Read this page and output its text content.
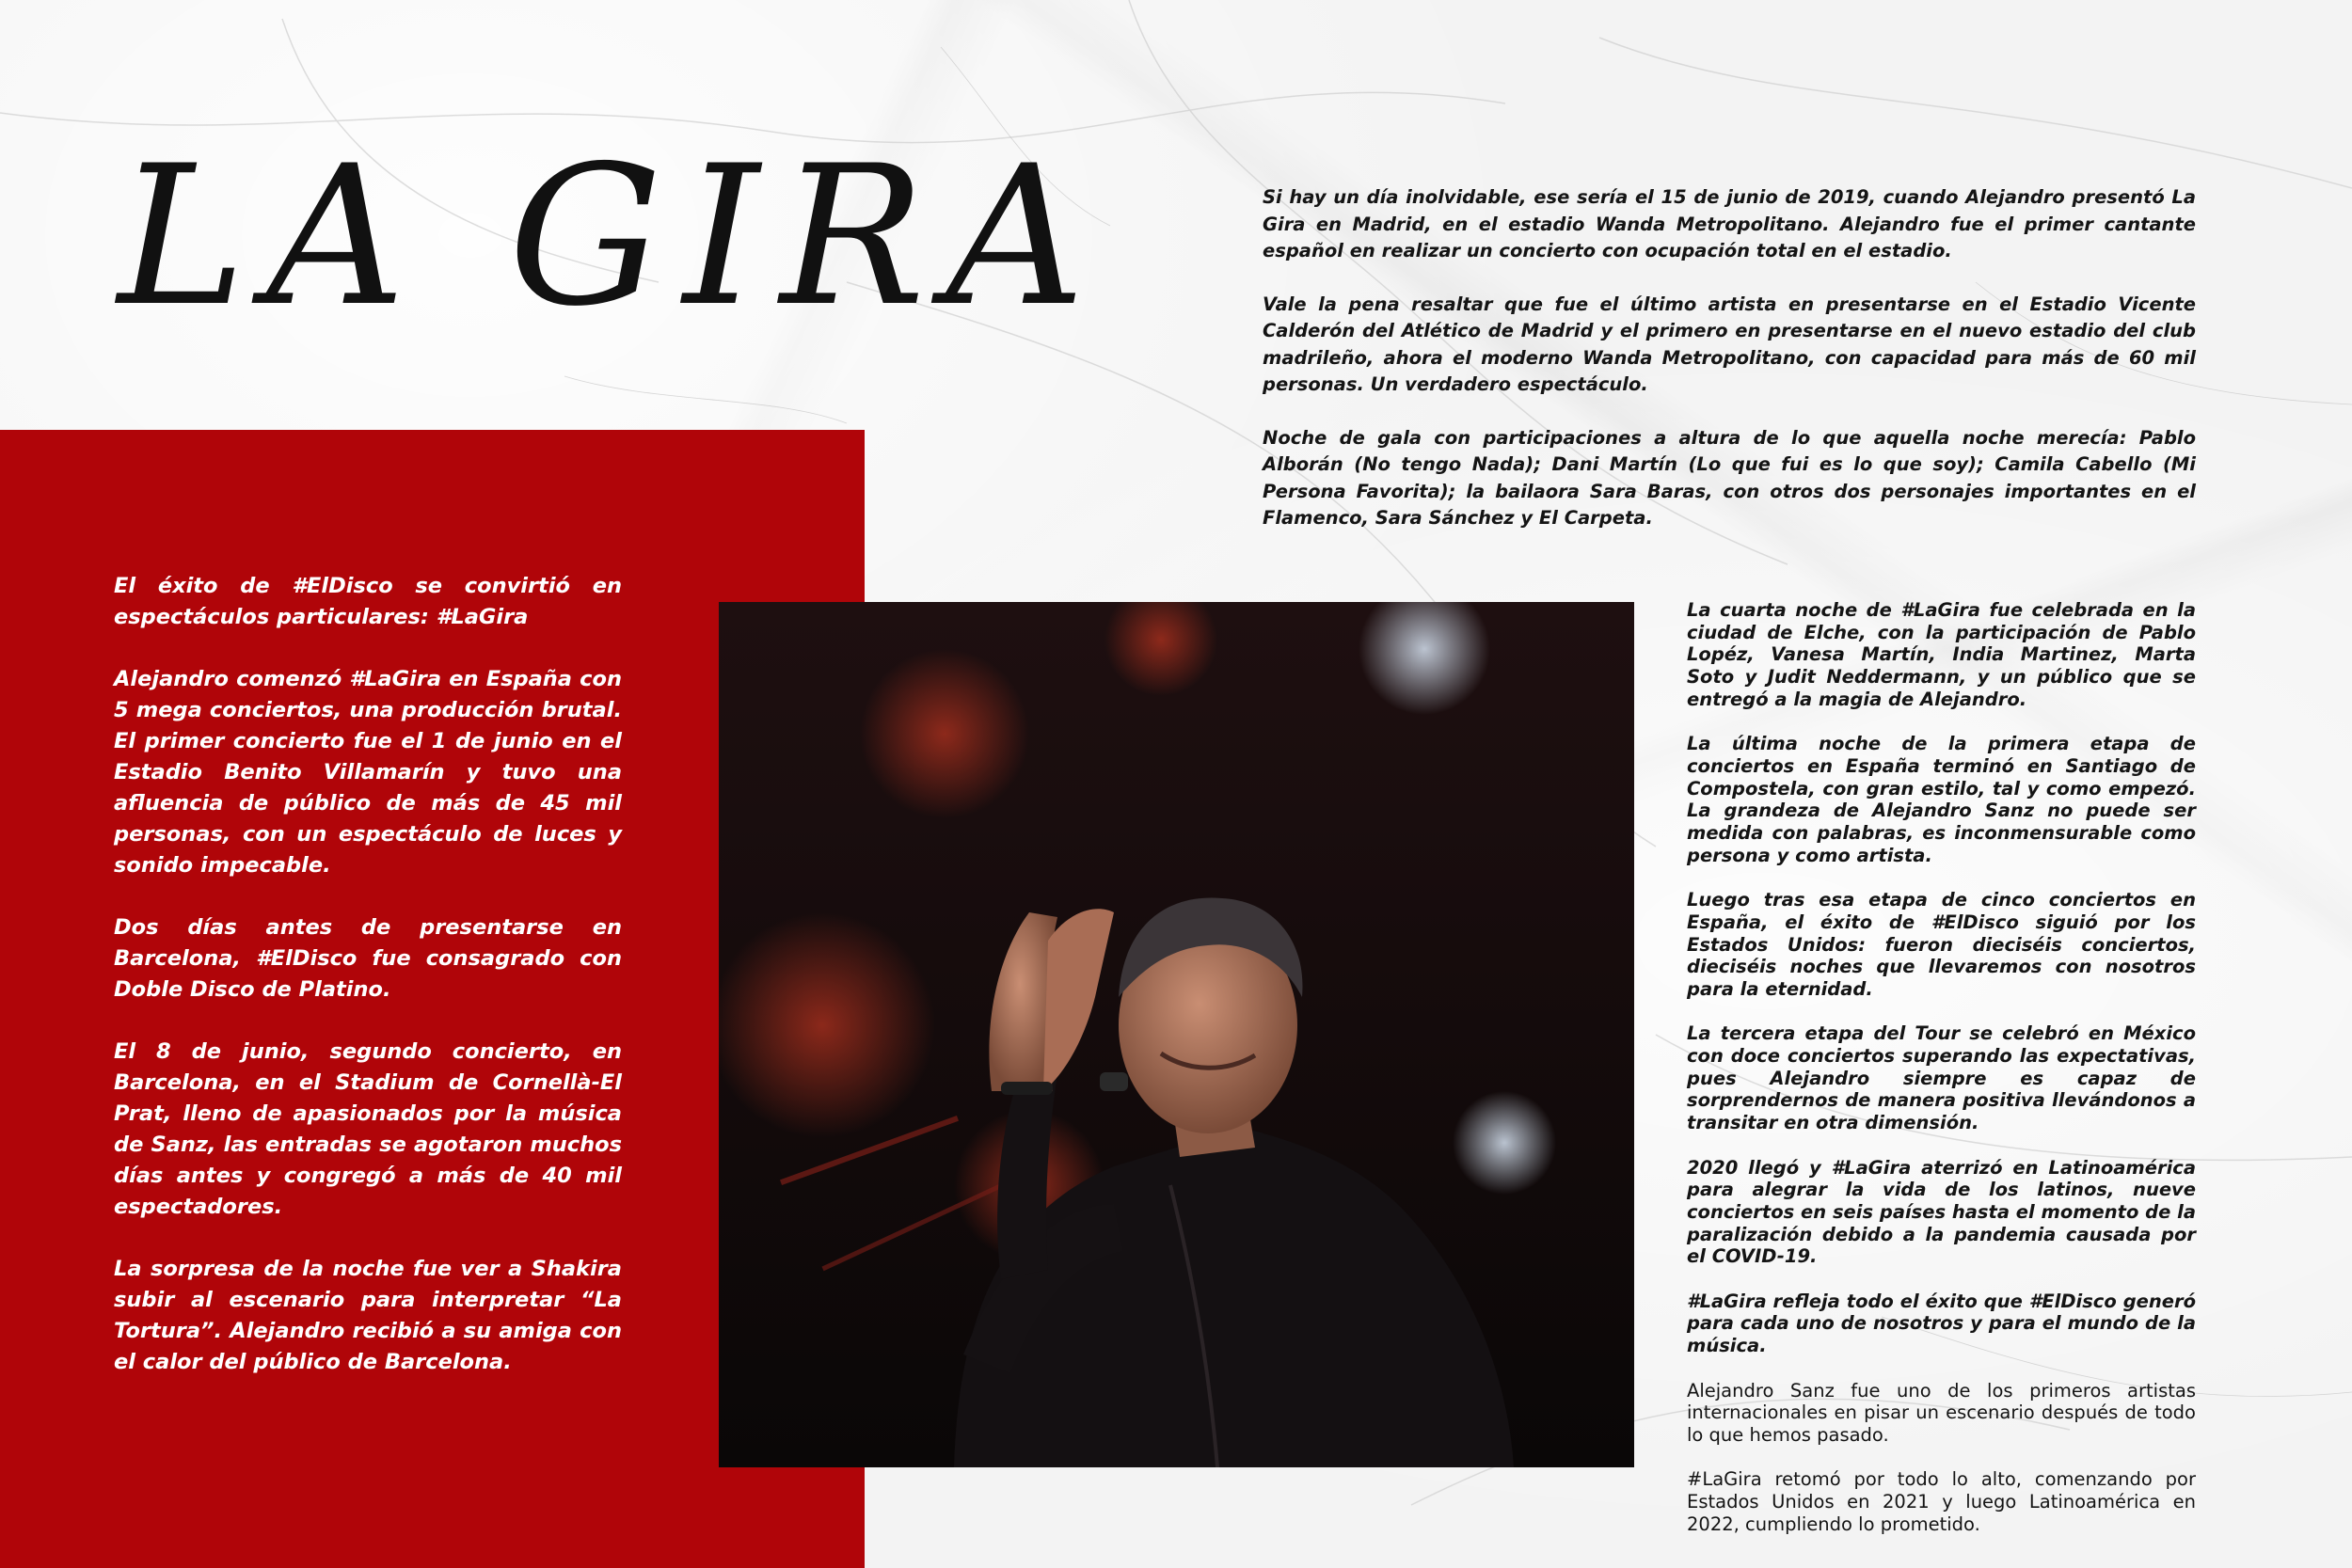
LA GIRA	Si hay un día inolvidable, ese sería el 15 de junio de 2019, cuando Alejandro presentó La Gira en Madrid, en el estadio Wanda Metropolitano. Alejandro fue el primer cantante español en realizar un concierto con ocupación total en el estadio.

Vale la pena resaltar que fue el último artista en presentarse en el Estadio Vicente Calderón del Atlético de Madrid y el primero en presentarse en el nuevo estadio del club madrileño, ahora el moderno Wanda Metropolitano, con capacidad para más de 60 mil personas. Un verdadero espectáculo.

Noche de gala con participaciones a altura de lo que aquella noche merecía: Pablo Alborán (No tengo Nada); Dani Martín (Lo que fui es lo que soy); Camila Cabello (Mi Persona Favorita); la bailaora Sara Baras, con otros dos personajes importantes en el Flamenco, Sara Sánchez y El Carpeta.

El éxito de #ElDisco se convirtió en espectáculos particulares: #LaGira

Alejandro comenzó #LaGira en España con 5 mega conciertos, una producción brutal. El primer concierto fue el 1 de junio en el Estadio Benito Villamarín y tuvo una afluencia de público de más de 45 mil personas, con un espectáculo de luces y sonido impecable.

Dos días antes de presentarse en Barcelona, #ElDisco fue consagrado con Doble Disco de Platino.

El 8 de junio, segundo concierto, en Barcelona, en el Stadium de Cornellà-El Prat, lleno de apasionados por la música de Sanz, las entradas se agotaron muchos días antes y congregó a más de 40 mil espectadores.

La sorpresa de la noche fue ver a Shakira subir al escenario para interpretar “La Tortura”. Alejandro recibió a su amiga con el calor del público de Barcelona.

La cuarta noche de #LaGira fue celebrada en la ciudad de Elche, con la participación de Pablo Lopéz, Vanesa Martín, India Martinez, Marta Soto y Judit Neddermann, y un público que se entregó a la magia de Alejandro.

La última noche de la primera etapa de conciertos en España terminó en Santiago de Compostela, con gran estilo, tal y como empezó. La grandeza de Alejandro Sanz no puede ser medida con palabras, es inconmensurable como persona y como artista.

Luego tras esa etapa de cinco conciertos en España, el éxito de #ElDisco siguió por los Estados Unidos: fueron dieciséis conciertos, dieciséis noches que llevaremos con nosotros para la eternidad.

La tercera etapa del Tour se celebró en México con doce conciertos superando las expectativas, pues Alejandro siempre es capaz de sorprendernos de manera positiva llevándonos a transitar en otra dimensión.

2020 llegó y #LaGira aterrizó en Latinoamérica para alegrar la vida de los latinos, nueve conciertos en seis países hasta el momento de la paralización debido a la pandemia causada por el COVID-19.

#LaGira refleja todo el éxito que #ElDisco generó para cada uno de nosotros y para el mundo de la música.

Alejandro Sanz fue uno de los primeros artistas internacionales en pisar un escenario después de todo lo que hemos pasado.

#LaGira retomó por todo lo alto, comenzando por Estados Unidos en 2021 y luego Latinoamérica en 2022, cumpliendo lo prometido.
